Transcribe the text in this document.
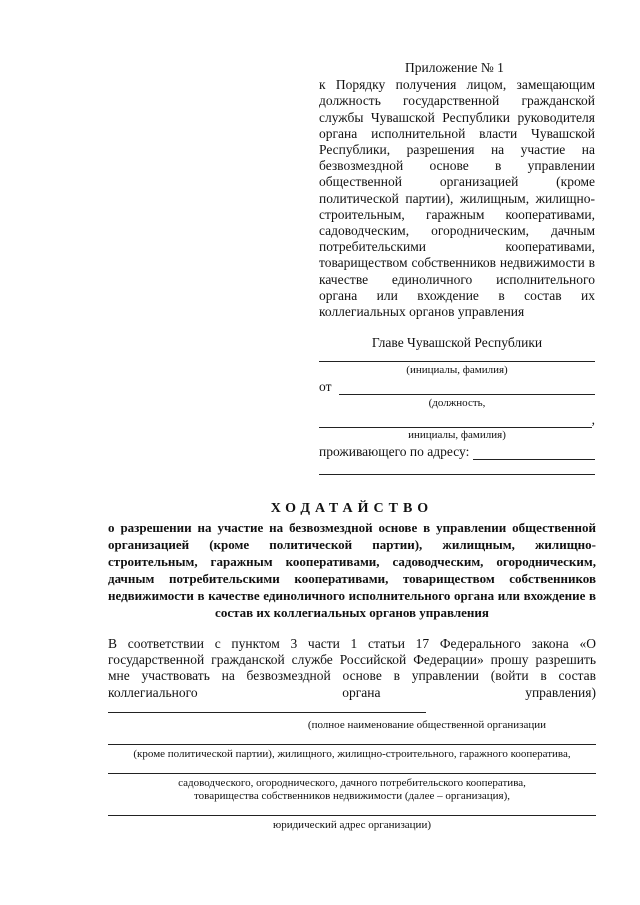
Приложение № 1
к Порядку получения лицом, замещающим должность государственной гражданской службы Чувашской Республики руководителя органа исполнительной власти Чувашской Республики, разрешения на участие на безвозмездной основе в управлении общественной организацией (кроме политической партии), жилищным, жилищно-строительным, гаражным кооперативами, садоводческим, огородническим, дачным потребительскими кооперативами, товариществом собственников недвижимости в качестве единоличного исполнительного органа или вхождение в состав их коллегиальных органов управления
Главе Чувашской Республики
(инициалы, фамилия)
от
(должность,
,
инициалы, фамилия)
проживающего по адресу:
ХОДАТАЙСТВО
о разрешении на участие на безвозмездной основе в управлении общественной организацией (кроме политической партии), жилищным, жилищно-строительным, гаражным кооперативами, садоводческим, огородническим, дачным потребительскими кооперативами, товариществом собственников недвижимости в качестве единоличного исполнительного органа или вхождение в состав их коллегиальных органов управления
В соответствии с пунктом 3 части 1 статьи 17 Федерального закона «О государственной гражданской службе Российской Федерации» прошу разрешить мне участвовать на безвозмездной основе в управлении (войти в состав коллегиального органа управления)
(полное наименование общественной организации
(кроме политической партии), жилищного, жилищно-строительного, гаражного кооператива,
садоводческого, огороднического, дачного потребительского кооператива,
товарищества собственников недвижимости (далее – организация),
юридический адрес организации)
